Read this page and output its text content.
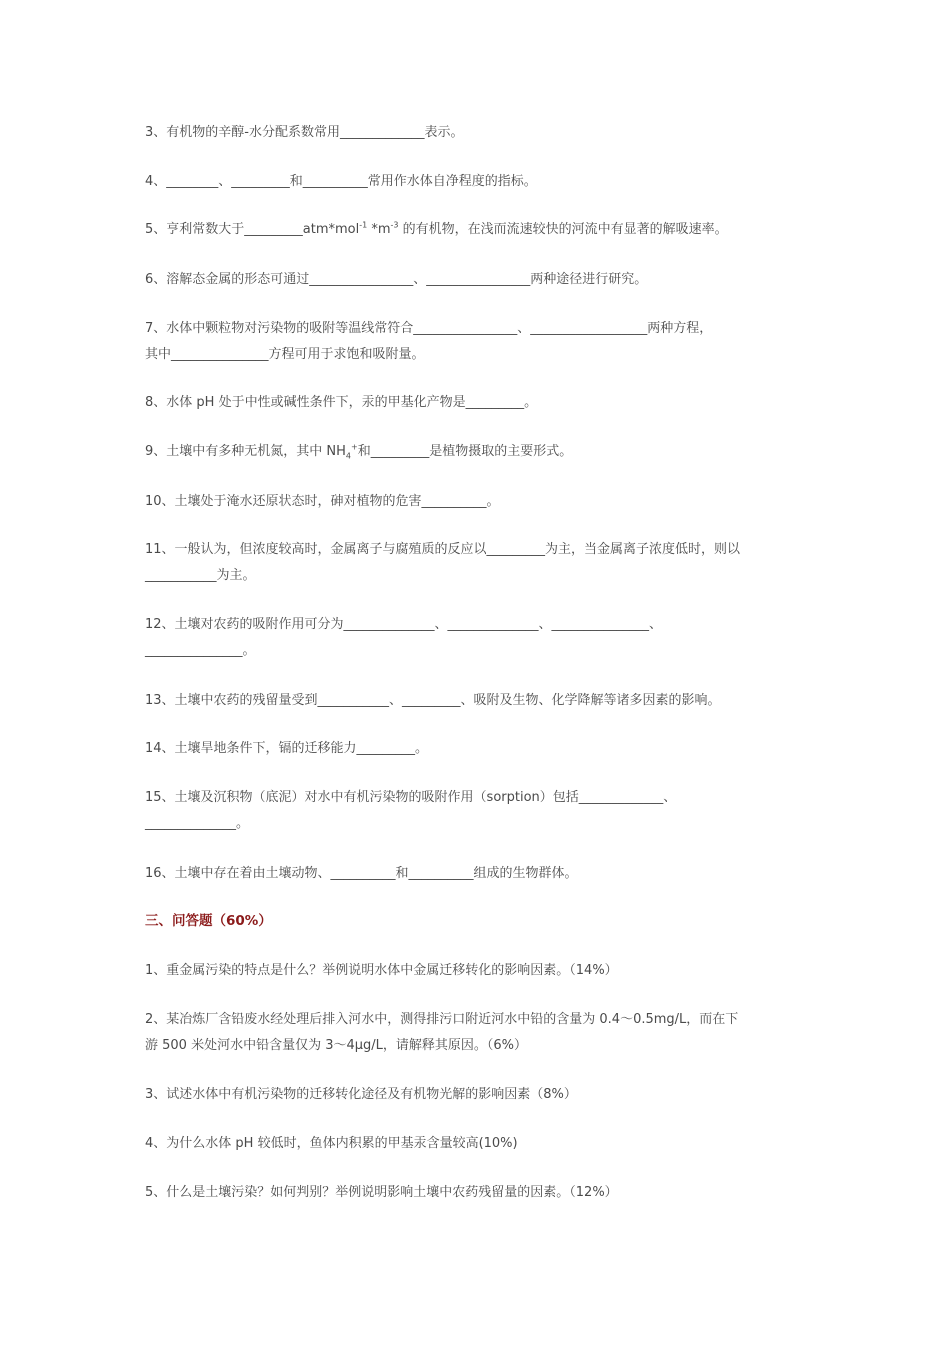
3、有机物的辛醇-水分配系数常用_____________表示。

4、________、_________和__________常用作水体自净程度的指标。

5、亨利常数大于_________atm*mol$^{-1}$ $*m^{-3}$ 的有机物，在浅而流速较快的河流中有显著的解吸速率。

6、溶解态金属的形态可通过________________、________________两种途径进行研究。

7、水体中颗粒物对污染物的吸附等温线常符合________________、__________________两种方程，
其中_______________方程可用于求饱和吸附量。

8、水体 pH 处于中性或碱性条件下，汞的甲基化产物是_________。

9、土壤中有多种无机氮，其中 $NH_4^+$和_________是植物摄取的主要形式。

10、土壤处于淹水还原状态时，砷对植物的危害__________。

11、一般认为，但浓度较高时，金属离子与腐殖质的反应以_________为主，当金属离子浓度低时，则以
___________为主。

12、土壤对农药的吸附作用可分为______________、______________、_______________、
_______________。

13、土壤中农药的残留量受到___________、_________、吸附及生物、化学降解等诸多因素的影响。

14、土壤旱地条件下，镉的迁移能力_________。

15、土壤及沉积物（底泥）对水中有机污染物的吸附作用（sorption）包括_____________、
______________。

16、土壤中存在着由土壤动物、__________和__________组成的生物群体。

三、问答题（60%）

1、重金属污染的特点是什么？举例说明水体中金属迁移转化的影响因素。（14%）

2、某冶炼厂含铅废水经处理后排入河水中，测得排污口附近河水中铅的含量为 0.4～0.5mg/L，而在下
游 500 米处河水中铅含量仅为 3～4μg/L，请解释其原因。（6%）

3、试述水体中有机污染物的迁移转化途径及有机物光解的影响因素（8%）

4、为什么水体 pH 较低时，鱼体内积累的甲基汞含量较高(10%)

5、什么是土壤污染？如何判别？举例说明影响土壤中农药残留量的因素。（12%）
